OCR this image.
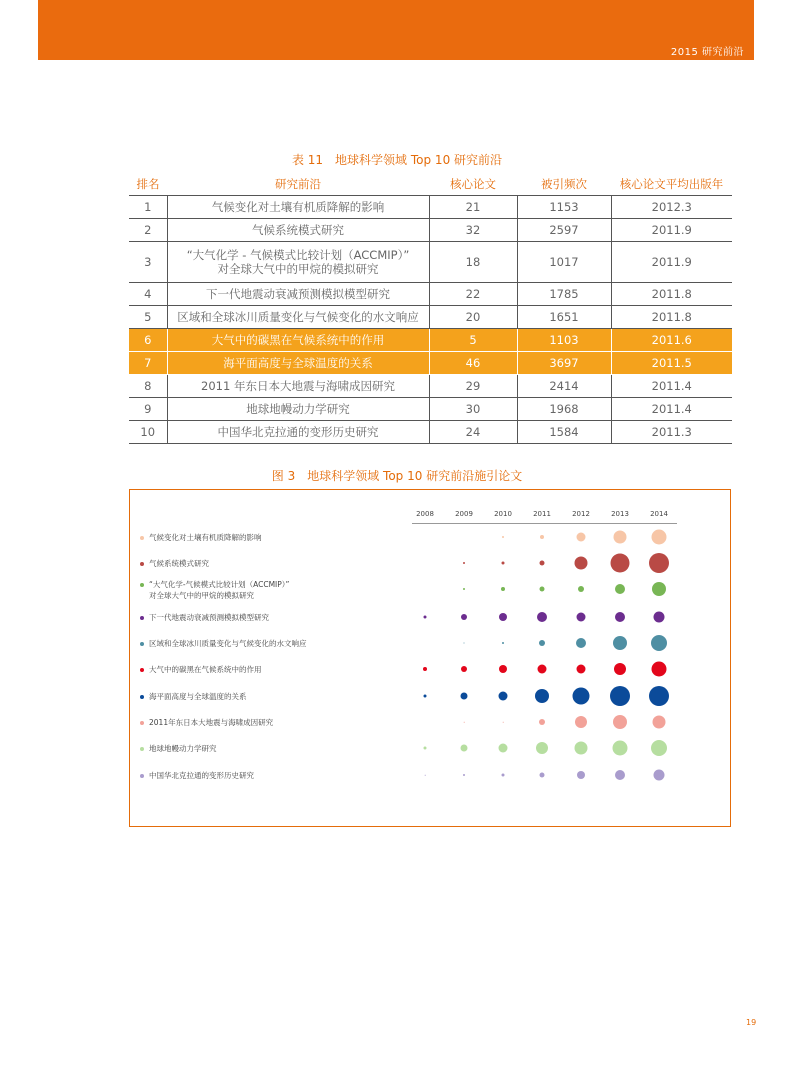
2015 研究前沿
表 11　地球科学领域 Top 10 研究前沿
排名	研究前沿	核心论文	被引频次	核心论文平均出版年
1	气候变化对土壤有机质降解的影响	21	1153	2012.3
2	气候系统模式研究	32	2597	2011.9
3	“大气化学 - 气候模式比较计划（ACCMIP）”
对全球大气中的甲烷的模拟研究	18	1017	2011.9
4	下一代地震动衰减预测模拟模型研究	22	1785	2011.8
5	区域和全球冰川质量变化与气候变化的水文响应	20	1651	2011.8
6	大气中的碳黑在气候系统中的作用	5	1103	2011.6
7	海平面高度与全球温度的关系	46	3697	2011.5
8	2011 年东日本大地震与海啸成因研究	29	2414	2011.4
9	地球地幔动力学研究	30	1968	2011.4
10	中国华北克拉通的变形历史研究	24	1584	2011.3
图 3　地球科学领域 Top 10 研究前沿施引论文
2008	2009	2010	2011	2012	2013	2014
气候变化对土壤有机质降解的影响
气候系统模式研究
“大气化学-气候模式比较计划（ACCMIP）”
对全球大气中的甲烷的模拟研究
下一代地震动衰减预测模拟模型研究
区域和全球冰川质量变化与气候变化的水文响应
大气中的碳黑在气候系统中的作用
海平面高度与全球温度的关系
2011年东日本大地震与海啸成因研究
地球地幔动力学研究
中国华北克拉通的变形历史研究
19
